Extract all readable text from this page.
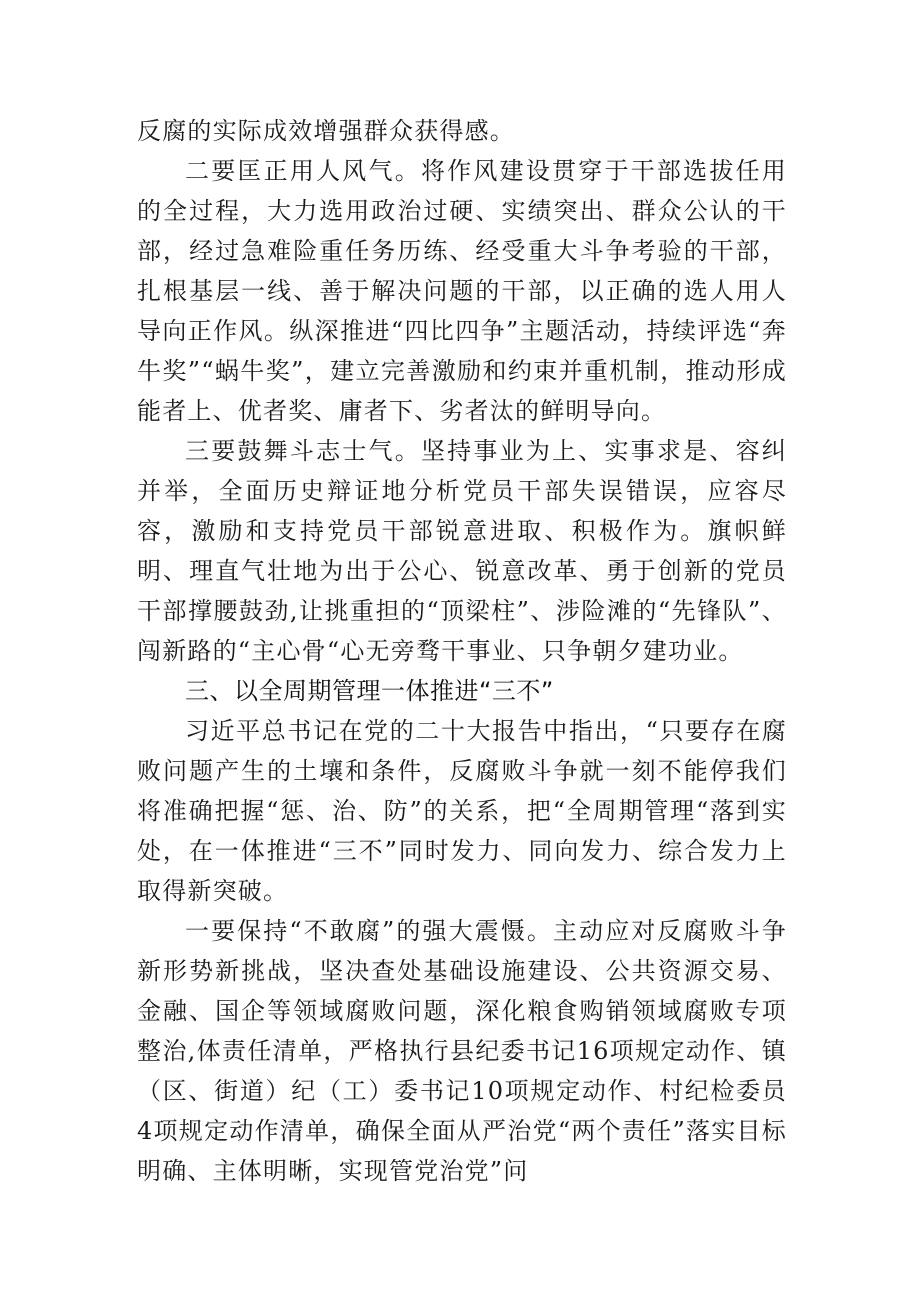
反腐的实际成效增强群众获得感。

二要匡正用人风气。将作风建设贯穿于干部选拔任用的全过程，大力选用政治过硬、实绩突出、群众公认的干部，经过急难险重任务历练、经受重大斗争考验的干部，扎根基层一线、善于解决问题的干部，以正确的选人用人导向正作风。纵深推进“四比四争”主题活动，持续评选“奔牛奖”“蜗牛奖”，建立完善激励和约束并重机制，推动形成能者上、优者奖、庸者下、劣者汰的鲜明导向。

三要鼓舞斗志士气。坚持事业为上、实事求是、容纠并举，全面历史辩证地分析党员干部失误错误，应容尽容，激励和支持党员干部锐意进取、积极作为。旗帜鲜明、理直气壮地为出于公心、锐意改革、勇于创新的党员干部撑腰鼓劲,让挑重担的“顶梁柱”、涉险滩的“先锋队”、闯新路的“主心骨“心无旁骛干事业、只争朝夕建功业。

三、以全周期管理一体推进“三不”

习近平总书记在党的二十大报告中指出，“只要存在腐败问题产生的土壤和条件，反腐败斗争就一刻不能停我们将准确把握“惩、治、防”的关系，把“全周期管理“落到实处，在一体推进“三不”同时发力、同向发力、综合发力上取得新突破。

一要保持“不敢腐”的强大震慑。主动应对反腐败斗争新形势新挑战，坚决查处基础设施建设、公共资源交易、金融、国企等领域腐败问题，深化粮食购销领域腐败专项整治,体责任清单，严格执行县纪委书记16项规定动作、镇（区、街道）纪（工）委书记10项规定动作、村纪检委员4项规定动作清单，确保全面从严治党“两个责任”落实目标明确、主体明晰，实现管党治党”问
